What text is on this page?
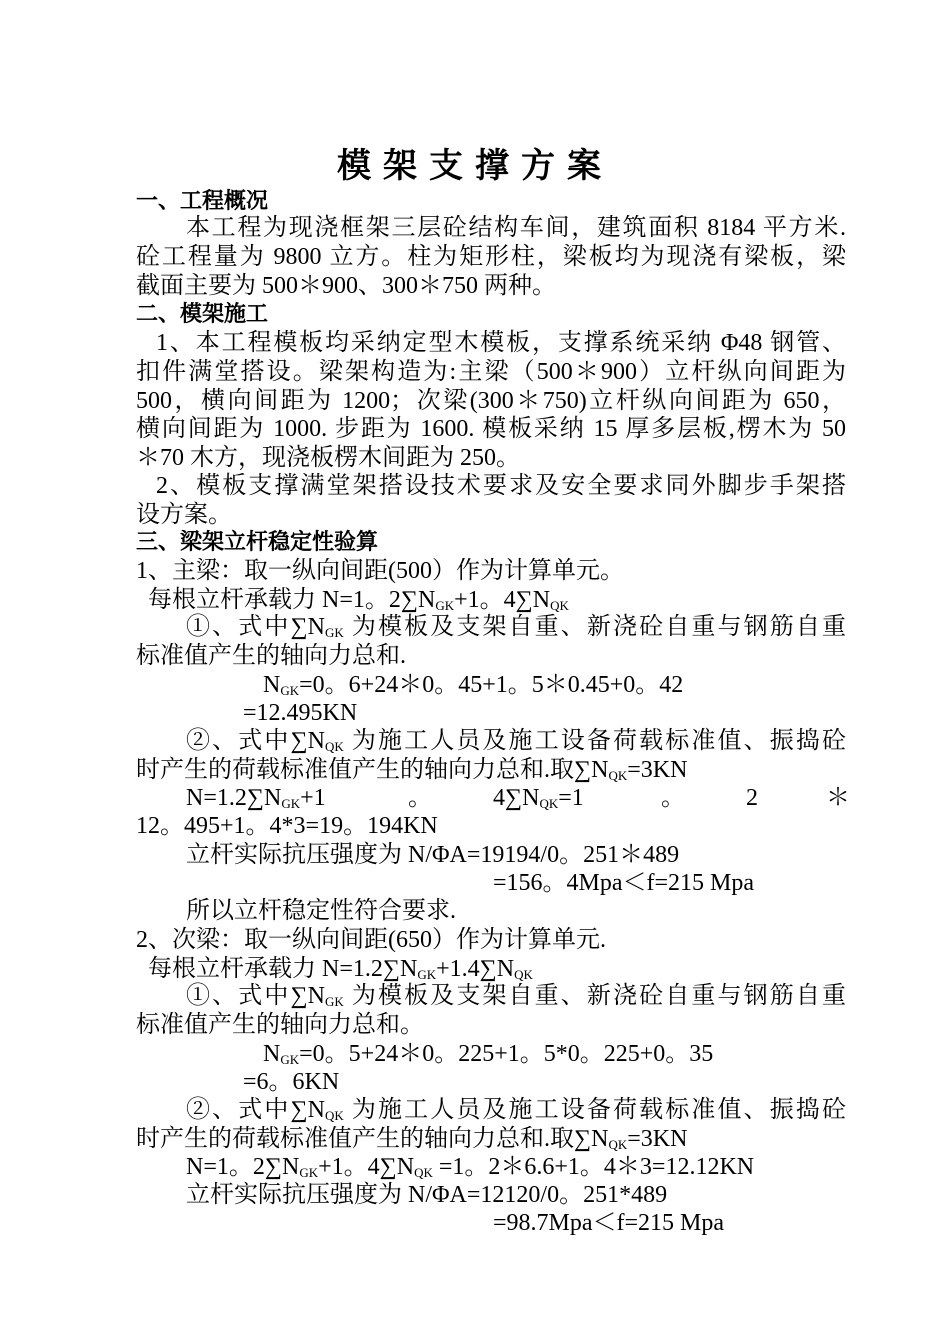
模架支撑方案
一、工程概况
本工程为现浇框架三层砼结构车间，建筑面积 8184 平方米.
砼工程量为 9800 立方。柱为矩形柱，梁板均为现浇有梁板，梁
截面主要为 500＊900、300＊750 两种。
二、模架施工
1、本工程模板均采纳定型木模板，支撑系统采纳 Φ48 钢管、
扣件满堂搭设。梁架构造为:主梁（500＊900）立杆纵向间距为
500，横向间距为 1200；次梁(300＊750)立杆纵向间距为 650，
横向间距为 1000. 步距为 1600. 模板采纳 15 厚多层板,楞木为 50
＊70 木方，现浇板楞木间距为 250。
2、模板支撑满堂架搭设技术要求及安全要求同外脚步手架搭
设方案。
三、梁架立杆稳定性验算
1、主梁：取一纵向间距(500）作为计算单元。
每根立杆承载力 N=1。$2\sum N_{GK}+1$。$4\sum N_{QK}$
①、式中$\sum N_{GK}$ 为模板及支架自重、新浇砼自重与钢筋自重
标准值产生的轴向力总和.
$N_{GK}=0$。6+24＊0。45+1。5＊0.45+0。42
=12.495KN
②、式中$\sum N_{QK}$ 为施工人员及施工设备荷载标准值、振捣砼
时产生的荷载标准值产生的轴向力总和.取$\sum N_{QK}=3KN$
$N=1.2\sum N_{GK}+1$	。	$4\sum N_{QK}=1$	。	2	＊
12。495+1。4*3=19。194KN
立杆实际抗压强度为 N/ΦA=19194/0。251＊489
=156。4Mpa＜f=215 Mpa
所以立杆稳定性符合要求.
2、次梁：取一纵向间距(650）作为计算单元.
每根立杆承载力 $N=1.2\sum N_{GK}+1.4\sum N_{QK}$
①、式中$\sum N_{GK}$ 为模板及支架自重、新浇砼自重与钢筋自重
标准值产生的轴向力总和。
$N_{GK}=0$。5+24＊0。225+1。5*0。225+0。35
=6。6KN
②、式中$\sum N_{QK}$ 为施工人员及施工设备荷载标准值、振捣砼
时产生的荷载标准值产生的轴向力总和.取$\sum N_{QK}=3KN$
N=1。$2\sum N_{GK}+1$。$4\sum N_{QK} =1$。2＊6.6+1。4＊3=12.12KN
立杆实际抗压强度为 N/ΦA=12120/0。251*489
=98.7Mpa＜f=215 Mpa
